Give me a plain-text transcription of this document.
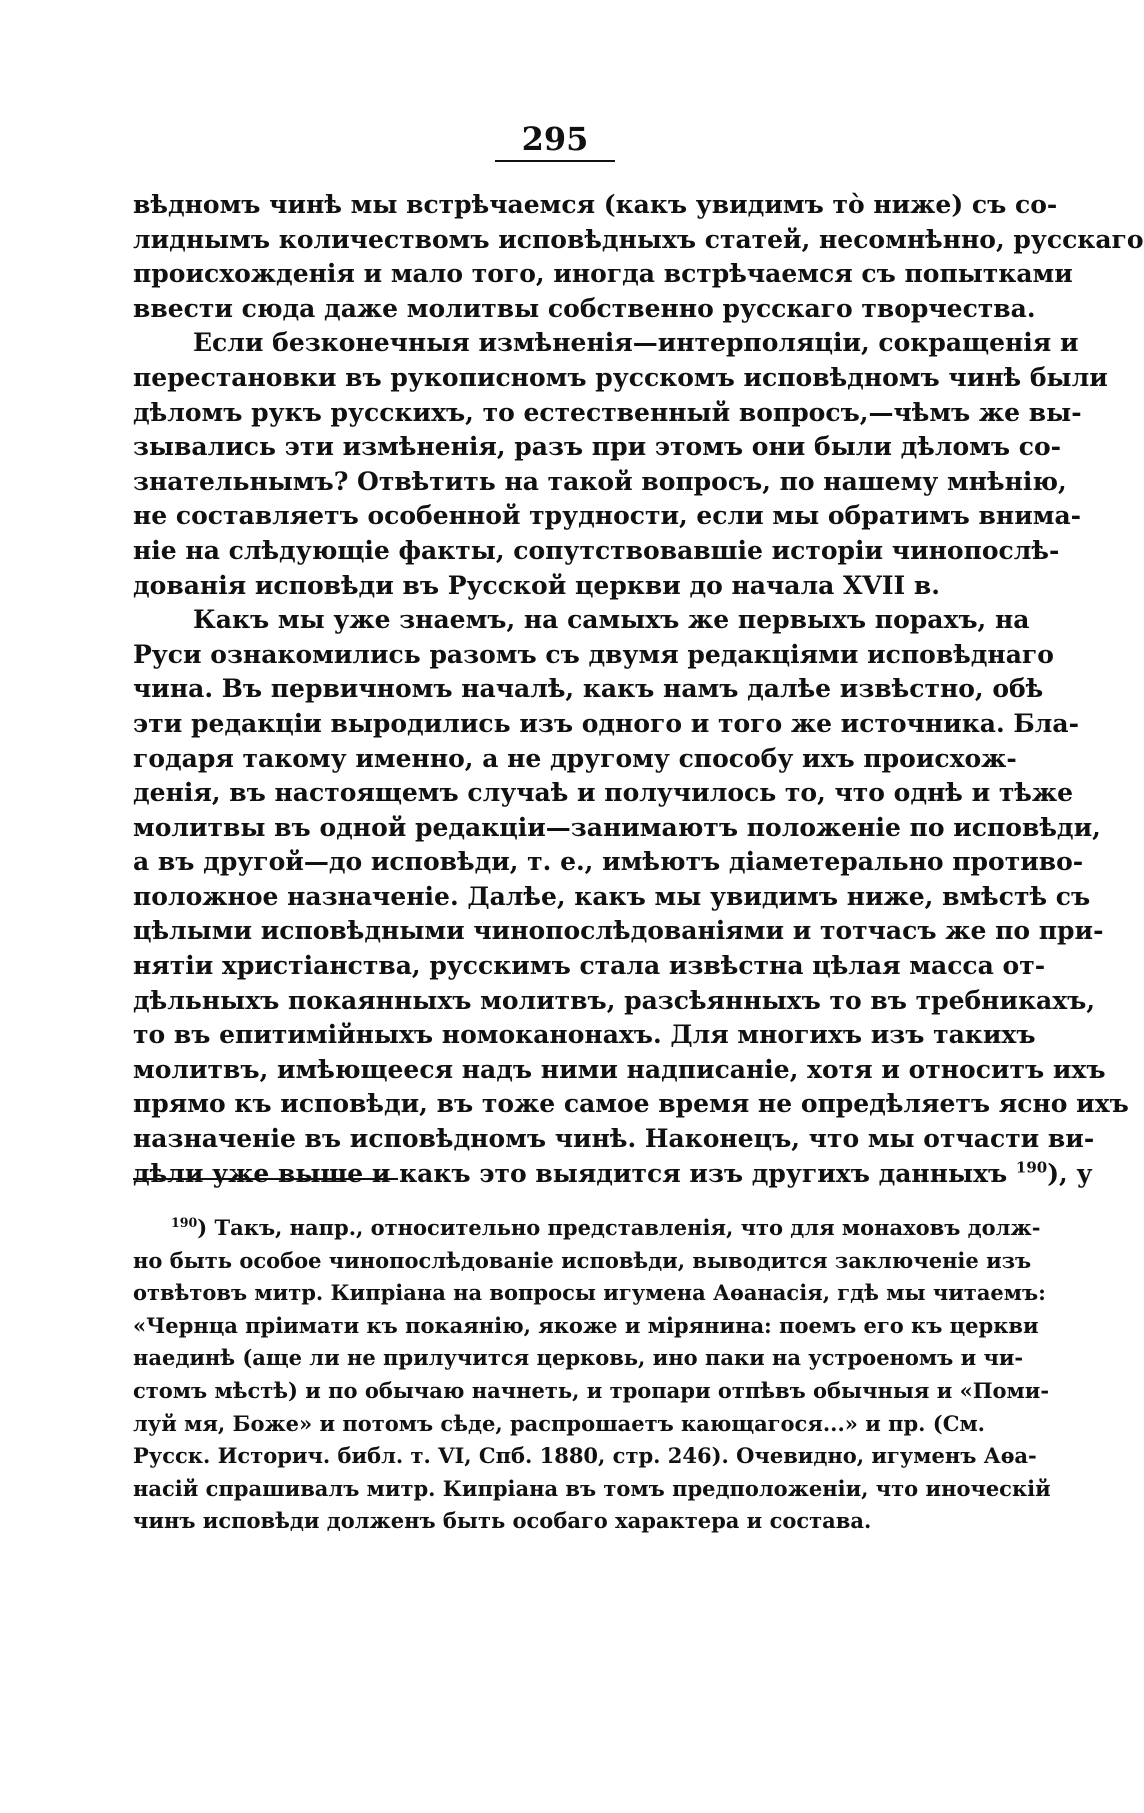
295
вѣдномъ чинѣ мы встрѣчаемся (какъ увидимъ тò ниже) съ со-
лиднымъ количествомъ исповѣдныхъ статей, несомнѣнно, русскаго
происхожденія и мало того, иногда встрѣчаемся съ попытками
ввести сюда даже молитвы собственно русскаго творчества.
Если безконечныя измѣненія—интерполяціи, сокращенія и
перестановки въ рукописномъ русскомъ исповѣдномъ чинѣ были
дѣломъ рукъ русскихъ, то естественный вопросъ,—чѣмъ же вы-
зывались эти измѣненія, разъ при этомъ они были дѣломъ со-
знательнымъ? Отвѣтить на такой вопросъ, по нашему мнѣнію,
не составляетъ особенной трудности, если мы обратимъ внима-
ніе на слѣдующіе факты, сопутствовавшіе исторіи чинопослѣ-
дованія исповѣди въ Русской церкви до начала XVII в.
Какъ мы уже знаемъ, на самыхъ же первыхъ порахъ, на
Руси ознакомились разомъ съ двумя редакціями исповѣднаго
чина. Въ первичномъ началѣ, какъ намъ далѣе извѣстно, обѣ
эти редакціи выродились изъ одного и того же источника. Бла-
годаря такому именно, а не другому способу ихъ происхож-
денія, въ настоящемъ случаѣ и получилось то, что однѣ и тѣже
молитвы въ одной редакціи—занимаютъ положеніе по исповѣди,
а въ другой—до исповѣди, т. е., имѣютъ діаметерально противо-
положное назначеніе. Далѣе, какъ мы увидимъ ниже, вмѣстѣ съ
цѣлыми исповѣдными чинопослѣдованіями и тотчасъ же по при-
нятіи христіанства, русскимъ стала извѣстна цѣлая масса от-
дѣльныхъ покаянныхъ молитвъ, разсѣянныхъ то въ требникахъ,
то въ епитимійныхъ номоканонахъ. Для многихъ изъ такихъ
молитвъ, имѣющееся надъ ними надписаніе, хотя и относитъ ихъ
прямо къ исповѣди, въ тоже самое время не опредѣляетъ ясно ихъ
назначеніе въ исповѣдномъ чинѣ. Наконецъ, что мы отчасти ви-
дѣли уже выше и какъ это выядится изъ другихъ данныхъ $^{190}$), у
$^{190}$) Такъ, напр., относительно представленія, что для монаховъ долж-
но быть особое чинопослѣдованіе исповѣди, выводится заключеніе изъ
отвѣтовъ митр. Кипріана на вопросы игумена Аѳанасія, гдѣ мы читаемъ:
«Чернцa пріимати къ покаянію, якоже и мірянина: поемъ его къ церкви
наединѣ (аще ли не прилучится церковь, ино паки на устроеномъ и чи-
стомъ мѣстѣ) и по обычаю начнеть, и тропари отпѣвъ обычныя и «Поми-
луй мя, Боже» и потомъ сѣде, распрошаетъ кающагося...» и пр. (См.
Русск. Историч. библ. т. VI, Спб. 1880, стр. 246). Очевидно, игуменъ Аѳа-
насій спрашивалъ митр. Кипріана въ томъ предположеніи, что иноческій
чинъ исповѣди долженъ быть особаго характера и состава.
